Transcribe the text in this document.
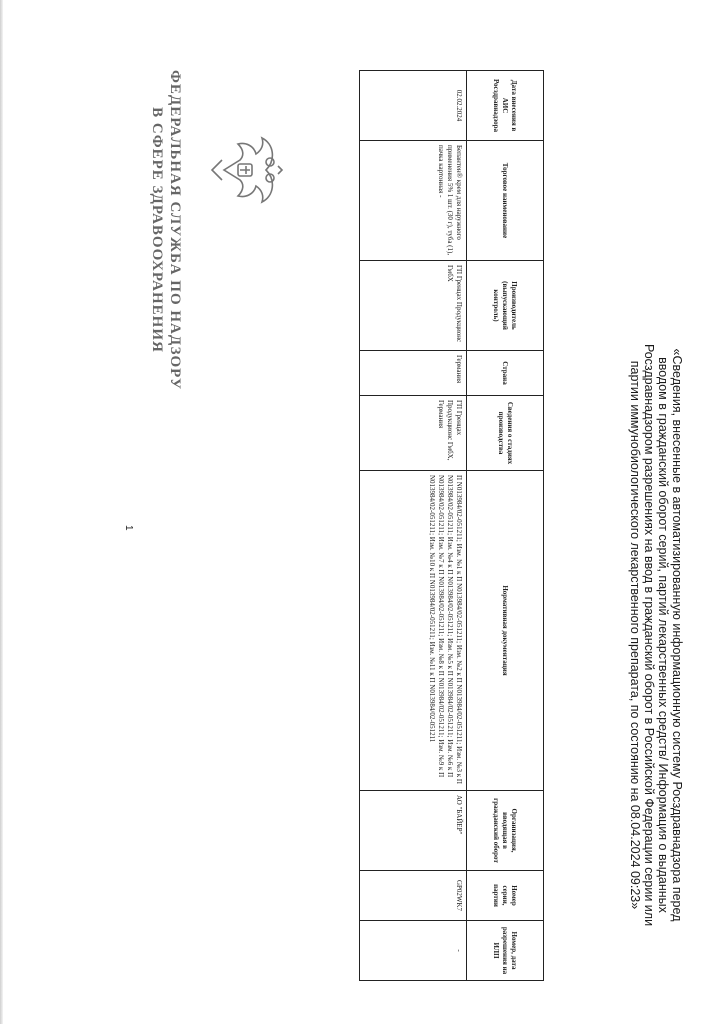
ФЕДЕРАЛЬНАЯ СЛУЖБА ПО НАДЗОРУ
В СФЕРЕ ЗДРАВООХРАНЕНИЯ
«Сведения, внесенные в автоматизированную информационную систему Росздравнадзора перед вводом в гражданский оборот серий, партий лекарственных средств/ Информация о выданных Росздравнадзором разрешениях на ввод в гражданский оборот в Российской Федерации серии или партии иммунобиологического лекарственного препарата, по состоянию на 08.04.2024 09:23»
Дата внесения в АИС Росздравнадзора	Торговое наименование	Производитель (выпускающий контроль)	Страна	Сведения о стадиях производства	Нормативная документация	Организация, вводящая в гражданский оборот	Номер серии, партии	Номер, дата разрешения на ИЛП
02.02.2024	Бепантен® крем для наружного применения 5% 1 шт. (30 г), туба (1), пачка картонная -	ГП Гренцах Продукционс ГмбХ	Германия	ГП Гренцах Продукционс ГмбХ, Германия	П N013984/02-051211; Изм. №1 к П N013984/02-051211; Изм. №2 к П N013984/02-051211; Изм. №3 к П N013984/02-051211; Изм. №4 к П N013984/02-051211; Изм. №5 к П N013984/02-051211; Изм. №6 к П N013984/02-051211; Изм. №7 к П N013984/02-051211; Изм. №8 к П N013984/02-051211; Изм. №9 к П N013984/02-051211; Изм. №10 к П N013984/02-051211; Изм. №11 к П N013984/02-051211	АО "БАЙЕР"	GP02WK7	-
1
